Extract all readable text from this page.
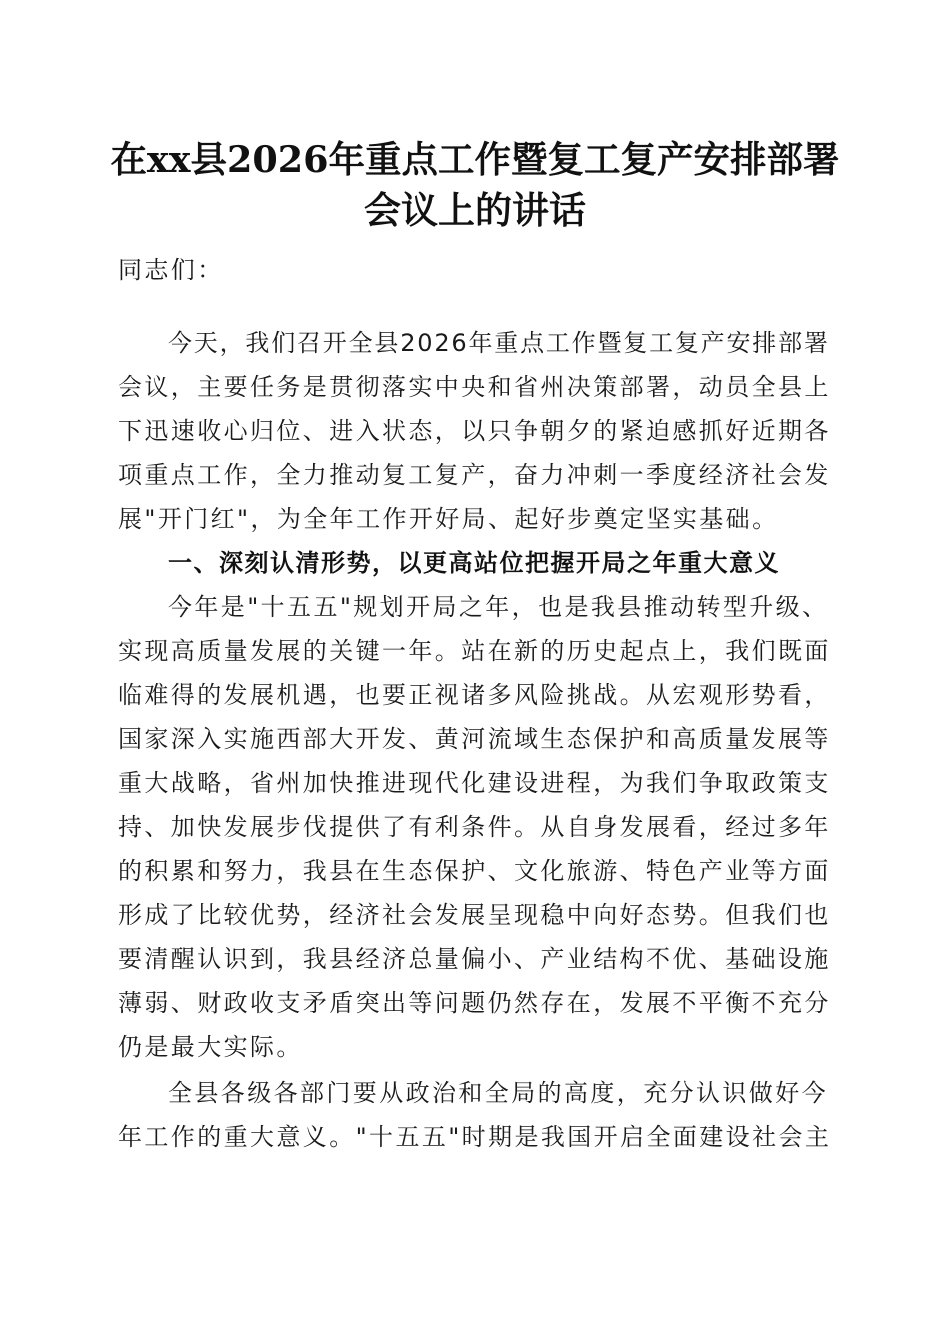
在xx县2026年重点工作暨复工复产安排部署
会议上的讲话
同志们：
今天，我们召开全县2026年重点工作暨复工复产安排部署
会议，主要任务是贯彻落实中央和省州决策部署，动员全县上
下迅速收心归位、进入状态，以只争朝夕的紧迫感抓好近期各
项重点工作，全力推动复工复产，奋力冲刺一季度经济社会发
展"开门红"，为全年工作开好局、起好步奠定坚实基础。
一、深刻认清形势，以更高站位把握开局之年重大意义
今年是"十五五"规划开局之年，也是我县推动转型升级、
实现高质量发展的关键一年。站在新的历史起点上，我们既面
临难得的发展机遇，也要正视诸多风险挑战。从宏观形势看，
国家深入实施西部大开发、黄河流域生态保护和高质量发展等
重大战略，省州加快推进现代化建设进程，为我们争取政策支
持、加快发展步伐提供了有利条件。从自身发展看，经过多年
的积累和努力，我县在生态保护、文化旅游、特色产业等方面
形成了比较优势，经济社会发展呈现稳中向好态势。但我们也
要清醒认识到，我县经济总量偏小、产业结构不优、基础设施
薄弱、财政收支矛盾突出等问题仍然存在，发展不平衡不充分
仍是最大实际。
全县各级各部门要从政治和全局的高度，充分认识做好今
年工作的重大意义。"十五五"时期是我国开启全面建设社会主
